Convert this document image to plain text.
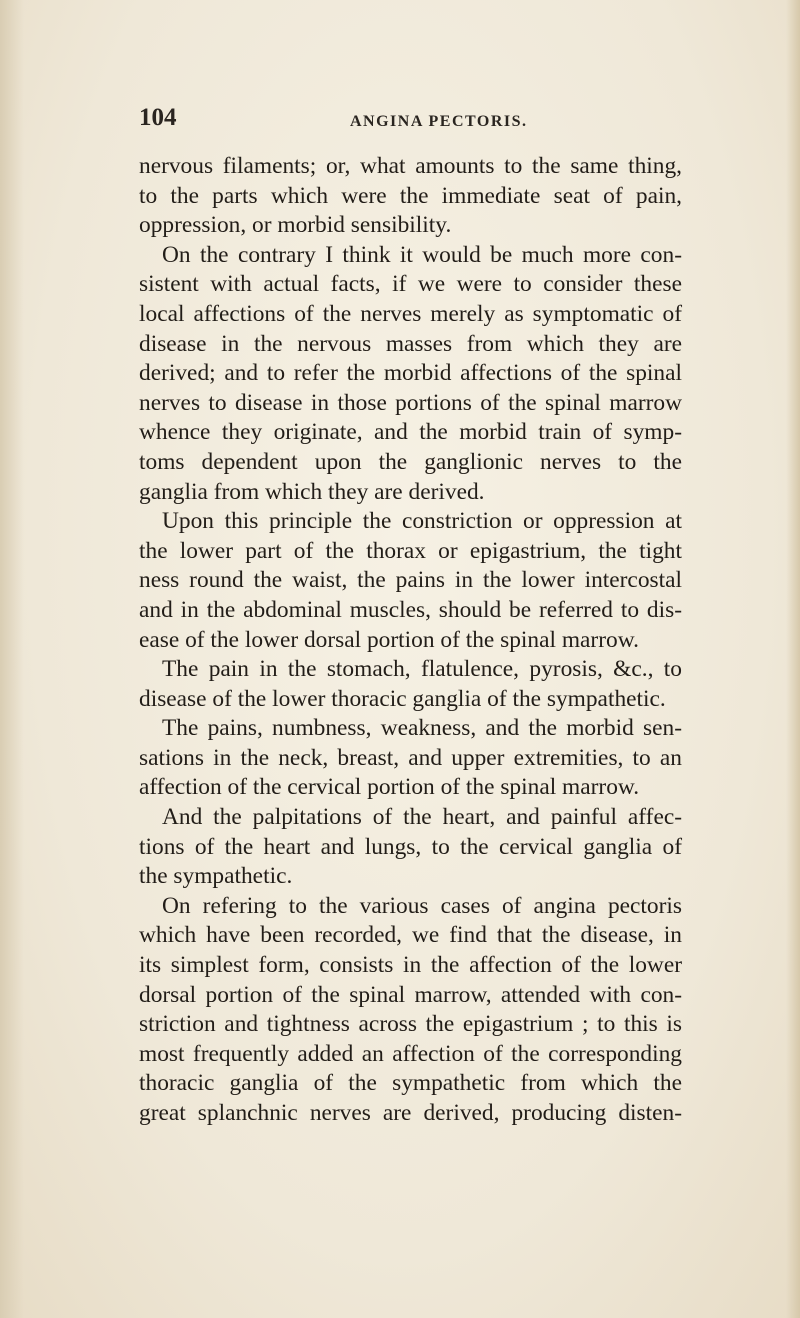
104	ANGINA PECTORIS.
nervous filaments; or, what amounts to the same thing,
to the parts which were the immediate seat of pain,
oppression, or morbid sensibility.
On the contrary I think it would be much more con-
sistent with actual facts, if we were to consider these
local affections of the nerves merely as symptomatic of
disease in the nervous masses from which they are
derived; and to refer the morbid affections of the spinal
nerves to disease in those portions of the spinal marrow
whence they originate, and the morbid train of symp-
toms dependent upon the ganglionic nerves to the
ganglia from which they are derived.
Upon this principle the constriction or oppression at
the lower part of the thorax or epigastrium, the tight
ness round the waist, the pains in the lower intercostal
and in the abdominal muscles, should be referred to dis-
ease of the lower dorsal portion of the spinal marrow.
The pain in the stomach, flatulence, pyrosis, &c., to
disease of the lower thoracic ganglia of the sympathetic.
The pains, numbness, weakness, and the morbid sen-
sations in the neck, breast, and upper extremities, to an
affection of the cervical portion of the spinal marrow.
And the palpitations of the heart, and painful affec-
tions of the heart and lungs, to the cervical ganglia of
the sympathetic.
On refering to the various cases of angina pectoris
which have been recorded, we find that the disease, in
its simplest form, consists in the affection of the lower
dorsal portion of the spinal marrow, attended with con-
striction and tightness across the epigastrium ; to this is
most frequently added an affection of the corresponding
thoracic ganglia of the sympathetic from which the
great splanchnic nerves are derived, producing disten-
